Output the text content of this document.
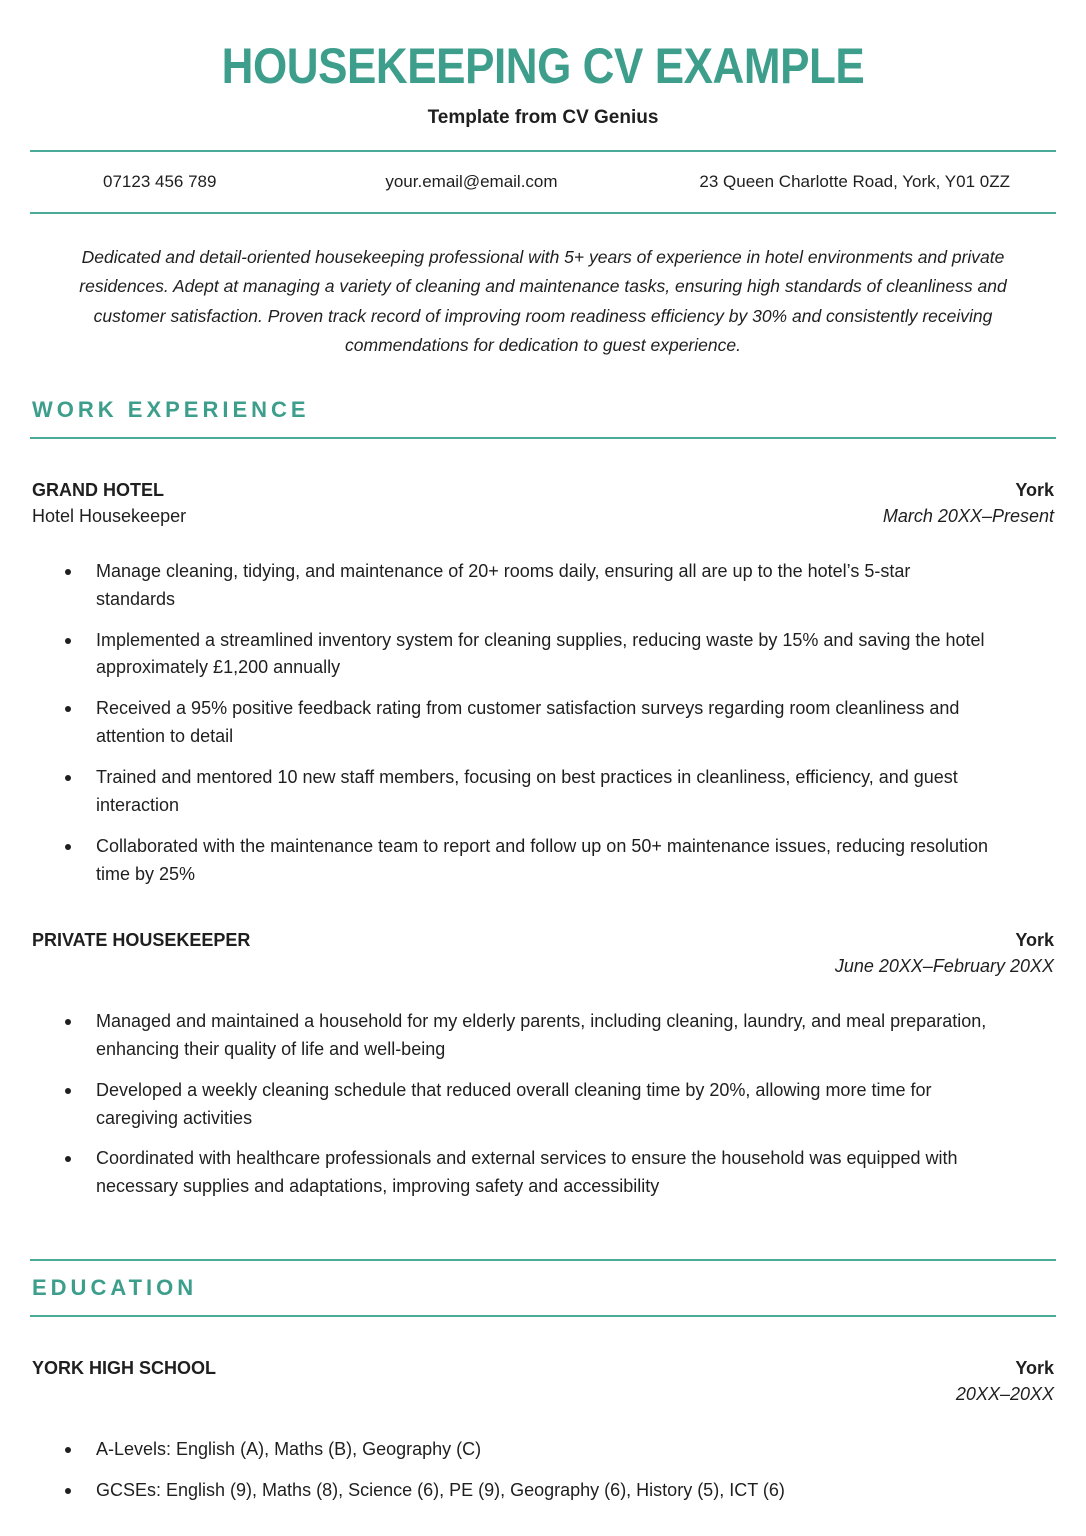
HOUSEKEEPING CV EXAMPLE
Template from CV Genius
07123 456 789	your.email@email.com	23 Queen Charlotte Road, York, Y01 0ZZ

Dedicated and detail-oriented housekeeping professional with 5+ years of experience in hotel environments and private residences. Adept at managing a variety of cleaning and maintenance tasks, ensuring high standards of cleanliness and customer satisfaction. Proven track record of improving room readiness efficiency by 30% and consistently receiving commendations for dedication to guest experience.

WORK EXPERIENCE
GRAND HOTEL	York
Hotel Housekeeper	March 20XX–Present
Manage cleaning, tidying, and maintenance of 20+ rooms daily, ensuring all are up to the hotel’s 5-star standards
Implemented a streamlined inventory system for cleaning supplies, reducing waste by 15% and saving the hotel approximately £1,200 annually
Received a 95% positive feedback rating from customer satisfaction surveys regarding room cleanliness and attention to detail
Trained and mentored 10 new staff members, focusing on best practices in cleanliness, efficiency, and guest interaction
Collaborated with the maintenance team to report and follow up on 50+ maintenance issues, reducing resolution time by 25%
PRIVATE HOUSEKEEPER	York
June 20XX–February 20XX
Managed and maintained a household for my elderly parents, including cleaning, laundry, and meal preparation, enhancing their quality of life and well-being
Developed a weekly cleaning schedule that reduced overall cleaning time by 20%, allowing more time for caregiving activities
Coordinated with healthcare professionals and external services to ensure the household was equipped with necessary supplies and adaptations, improving safety and accessibility
EDUCATION
YORK HIGH SCHOOL	York
20XX–20XX
A-Levels: English (A), Maths (B), Geography (C)
GCSEs: English (9), Maths (8), Science (6), PE (9), Geography (6), History (5), ICT (6)
